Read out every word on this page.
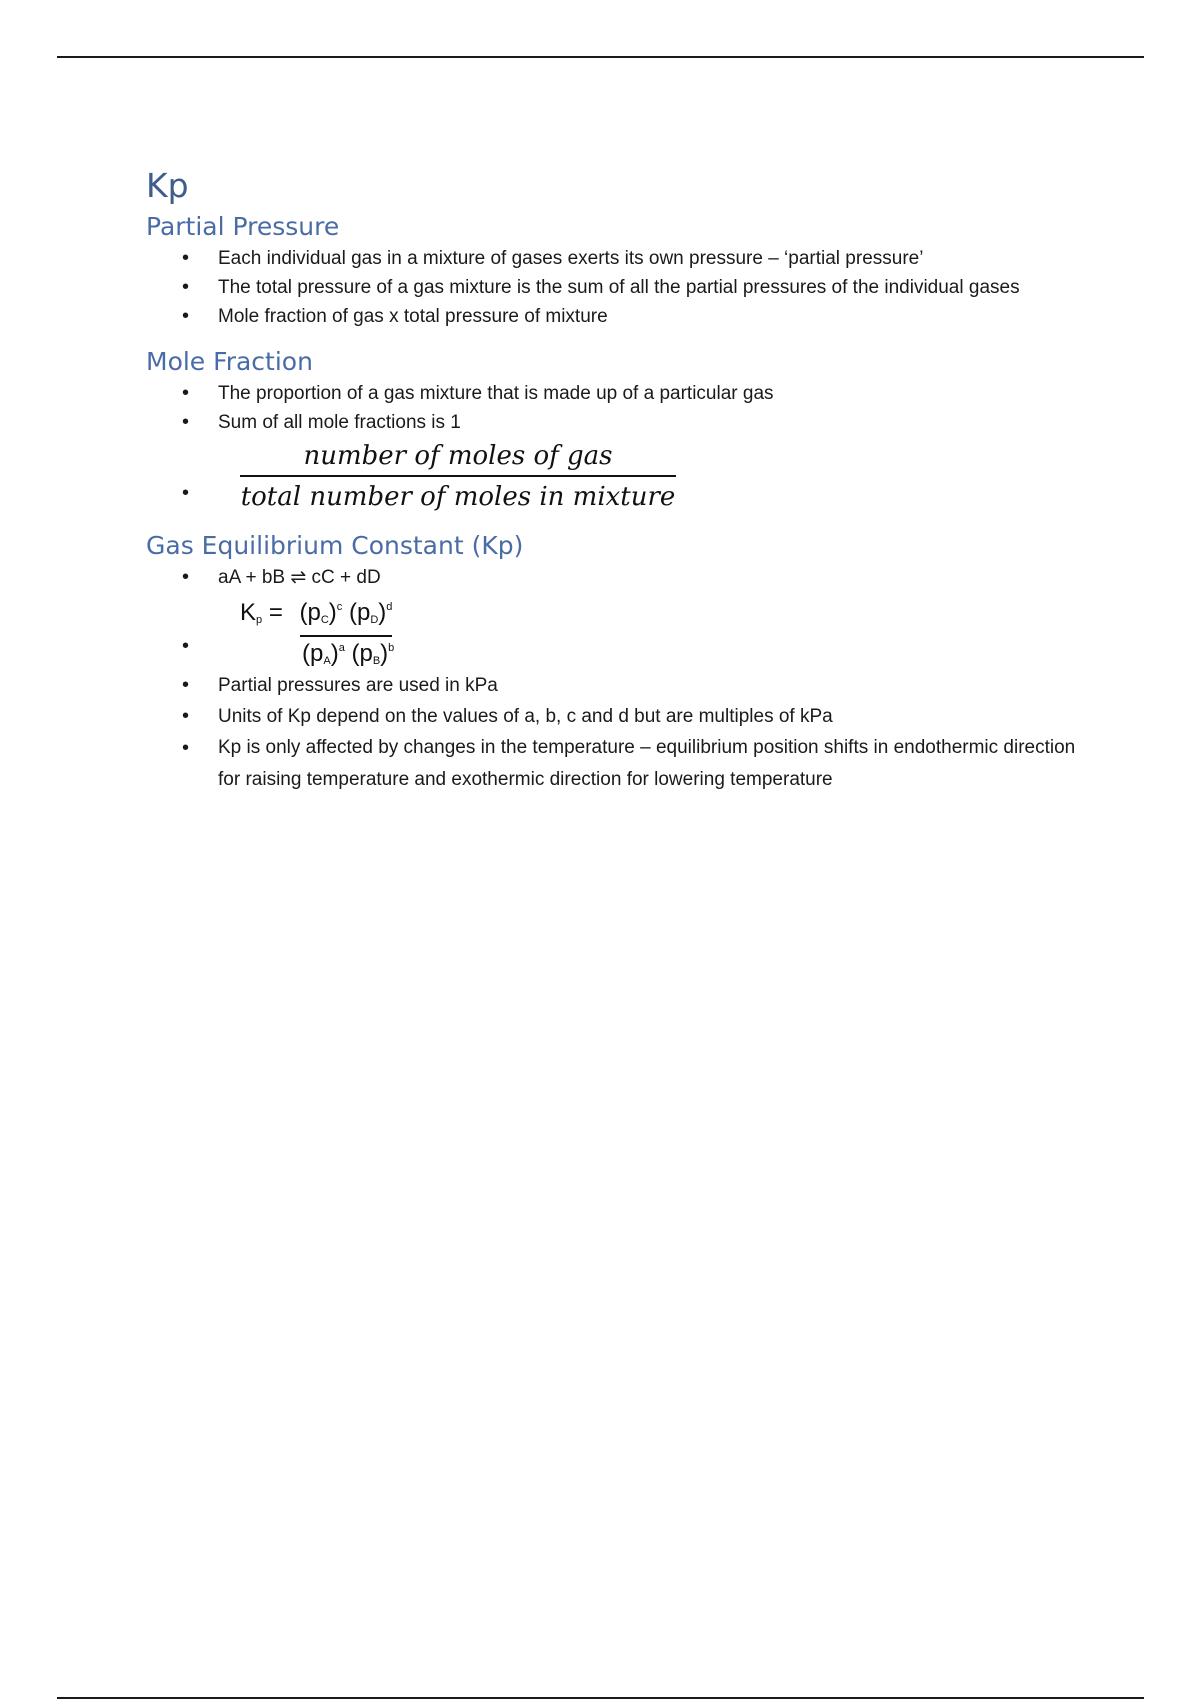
Kp
Partial Pressure
• Each individual gas in a mixture of gases exerts its own pressure – ‘partial pressure’
• The total pressure of a gas mixture is the sum of all the partial pressures of the individual gases
• Mole fraction of gas x total pressure of mixture
Mole Fraction
• The proportion of a gas mixture that is made up of a particular gas
• Sum of all mole fractions is 1
•
number of moles of gas
total number of moles in mixture
Gas Equilibrium Constant (Kp)
• aA + bB ⇌ cC + dD
•
$K_p = (p_C)^c$ $(p_D)^d$
$(p_A)^a$ $(p_B)^b$
• Partial pressures are used in kPa
• Units of Kp depend on the values of a, b, c and d but are multiples of kPa
• Kp is only affected by changes in the temperature – equilibrium position shifts in endothermic direction for raising temperature and exothermic direction for lowering temperature
